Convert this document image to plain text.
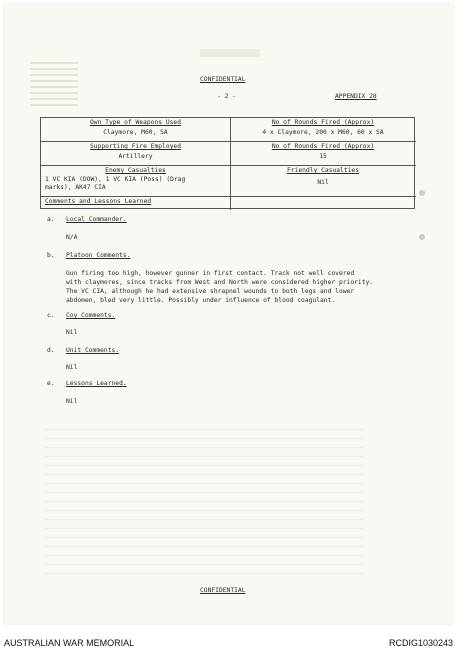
CONFIDENTIAL
- 2 -	APPENDIX 28
Own Type of Weapons Used
Claymore, M60, SA
No of Rounds Fired (Approx)
4 x Claymore, 200 x M60, 60 x SA
Supporting Fire Employed
Artillery
No of Rounds Fired (Approx)
15
Enemy Casualties
1 VC KIA (DOW), 1 VC KIA (Poss) (Drag
marks), AK47 CIA
Friendly Casualties
Nil
Comments and Lessons Learned
a. Local Commander.
N/A
b. Platoon Comments.
Gun firing too high, however gunner in first contact. Track not well covered
with claymores, since tracks from West and North were considered higher priority.
The VC CIA, although he had extensive shrapnel wounds to both legs and lower
abdomen, bled very little. Possibly under influence of blood coagulant.
c. Coy Comments.
Nil
d. Unit Comments.
Nil
e. Lessons Learned.
Nil
CONFIDENTIAL
AUSTRALIAN WAR MEMORIAL	RCDIG1030243
